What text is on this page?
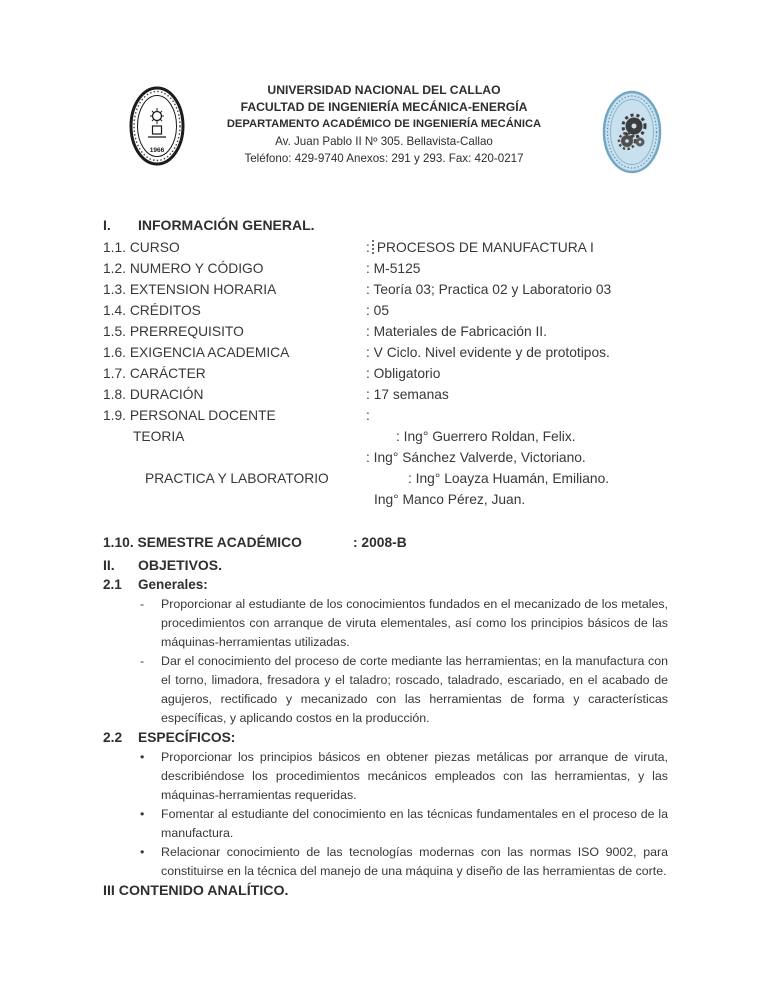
1966
UNIVERSIDAD NACIONAL DEL CALLAO
FACULTAD DE INGENIERÍA MECÁNICA-ENERGÍA
DEPARTAMENTO ACADÉMICO DE INGENIERÍA MECÁNICA
Av. Juan Pablo II Nº 305. Bellavista-Callao
Teléfono: 429-9740 Anexos: 291 y 293. Fax: 420-0217
I. INFORMACIÓN GENERAL.
1.1. CURSO	: PROCESOS DE MANUFACTURA I
1.2. NUMERO Y CÓDIGO	: M-5125
1.3. EXTENSION HORARIA	: Teoría 03; Practica 02 y Laboratorio 03
1.4. CRÉDITOS	: 05
1.5. PRERREQUISITO	: Materiales de Fabricación II.
1.6. EXIGENCIA ACADEMICA	: V Ciclo. Nivel evidente y de prototipos.
1.7. CARÁCTER	: Obligatorio
1.8. DURACIÓN	: 17 semanas
1.9. PERSONAL DOCENTE	:
TEORIA	: Ing° Guerrero Roldan, Felix.
: Ing° Sánchez Valverde, Victoriano.
PRACTICA Y LABORATORIO	: Ing° Loayza Huamán, Emiliano.
Ing° Manco Pérez, Juan.
1.10. SEMESTRE ACADÉMICO	: 2008-B
II. OBJETIVOS.
2.1 Generales:
-	Proporcionar al estudiante de los conocimientos fundados en el mecanizado de los metales, procedimientos con arranque de viruta elementales, así como los principios básicos de las máquinas-herramientas utilizadas.
-	Dar el conocimiento del proceso de corte mediante las herramientas; en la manufactura con el torno, limadora, fresadora y el taladro; roscado, taladrado, escariado, en el acabado de agujeros, rectificado y mecanizado con las herramientas de forma y características específicas, y aplicando costos en la producción.
2.2 ESPECÍFICOS:
•	Proporcionar los principios básicos en obtener piezas metálicas por arranque de viruta, describiéndose los procedimientos mecánicos empleados con las herramientas, y las máquinas-herramientas requeridas.
•	Fomentar al estudiante del conocimiento en las técnicas fundamentales en el proceso de la manufactura.
•	Relacionar conocimiento de las tecnologías modernas con las normas ISO 9002, para constituirse en la técnica del manejo de una máquina y diseño de las herramientas de corte.
III CONTENIDO ANALÍTICO.
